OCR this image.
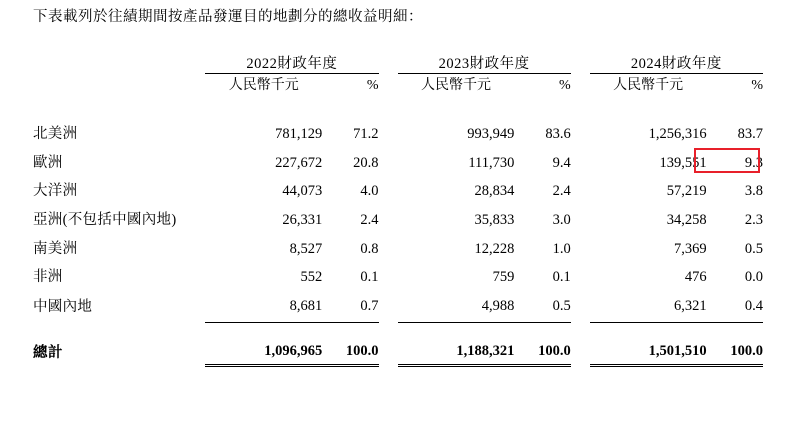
下表載列於往績期間按產品發運目的地劃分的總收益明細：
	2022財政年度			2023財政年度			2024財政年度	
	人民幣千元	%		人民幣千元	%		人民幣千元	%

北美洲	781,129	71.2		993,949	83.6		1,256,316	83.7
歐洲	227,672	20.8		111,730	9.4		139,551	9.3
大洋洲	44,073	4.0		28,834	2.4		57,219	3.8
亞洲(不包括中國內地)	26,331	2.4		35,833	3.0		34,258	2.3
南美洲	8,527	0.8		12,228	1.0		7,369	0.5
非洲	552	0.1		759	0.1		476	0.0
中國內地	8,681	0.7		4,988	0.5		6,321	0.4

總計	1,096,965	100.0		1,188,321	100.0		1,501,510	100.0
